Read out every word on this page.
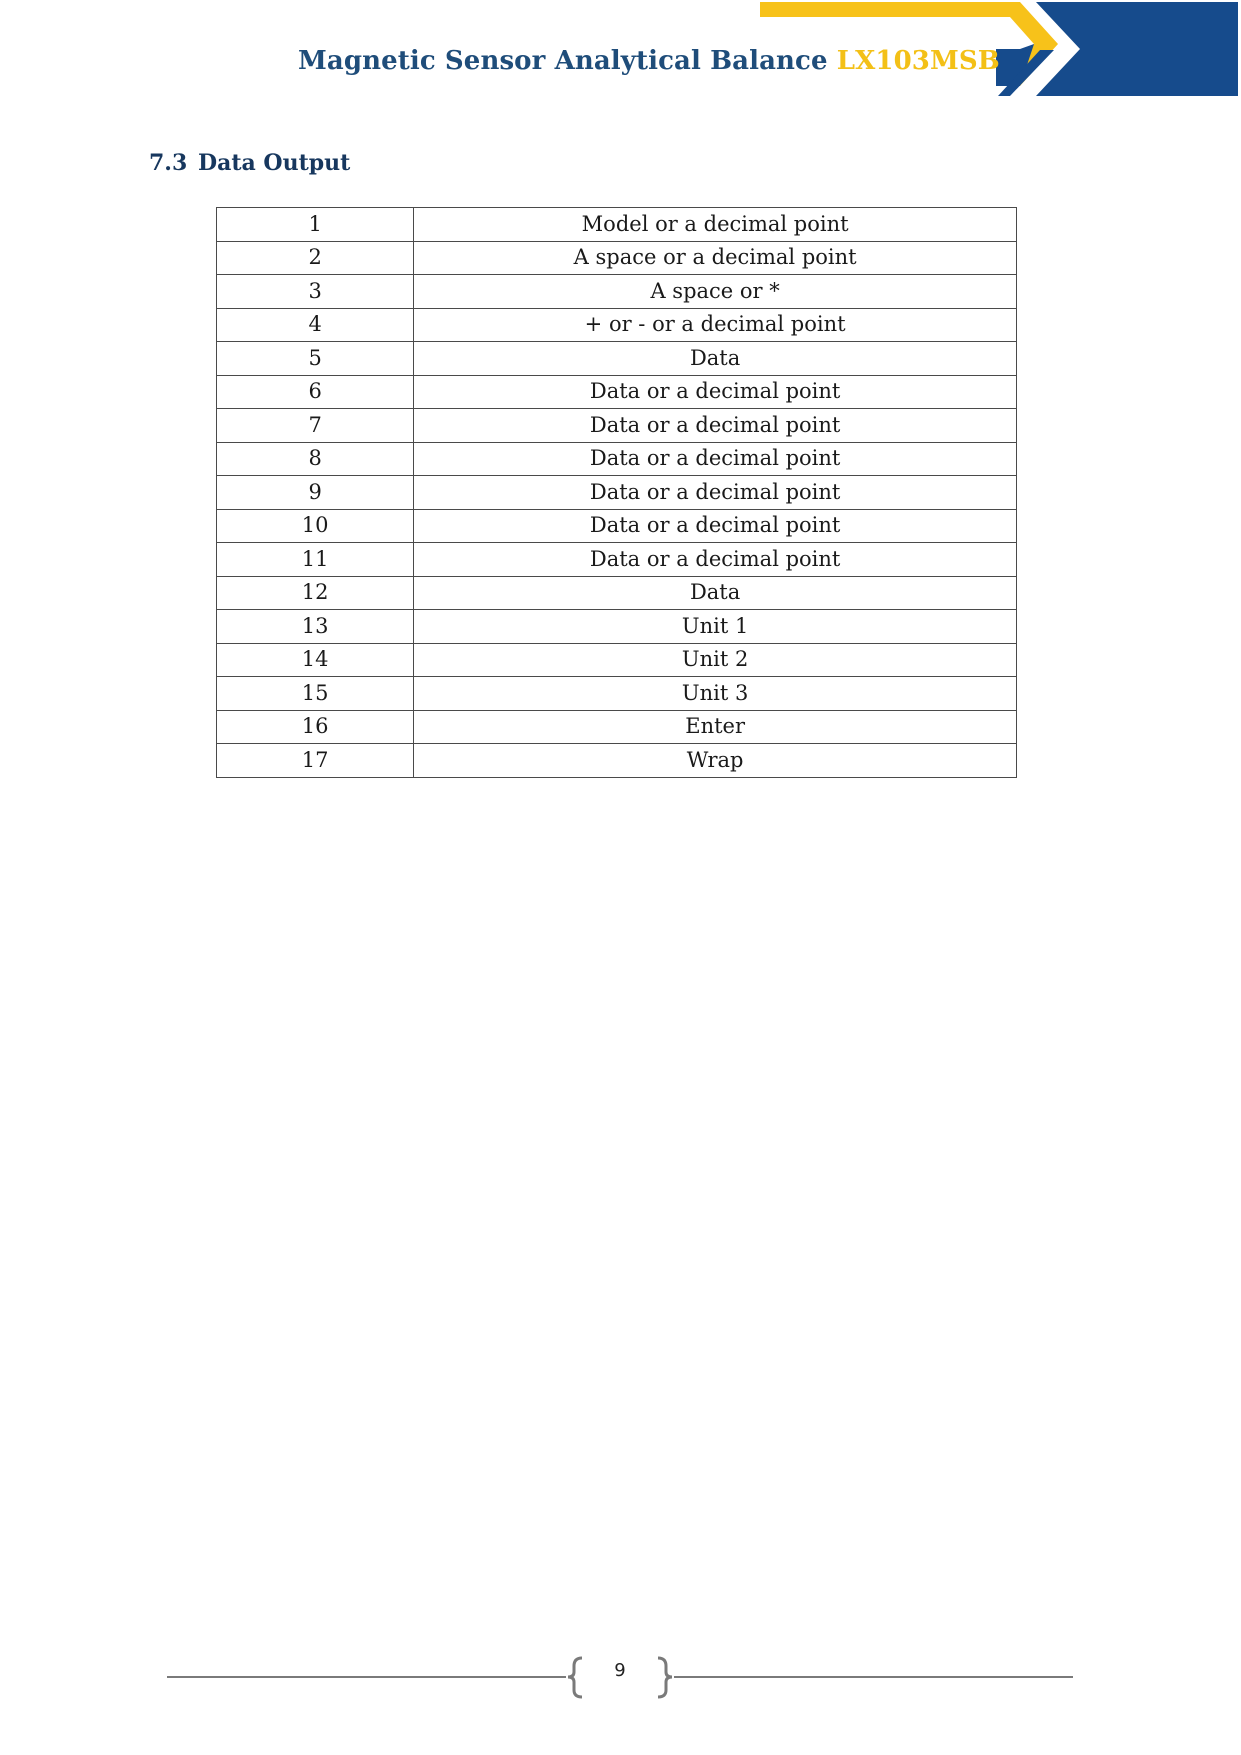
Magnetic Sensor Analytical Balance LX103MSB
7.3 Data Output
1	Model or a decimal point
2	A space or a decimal point
3	A space or *
4	+ or - or a decimal point
5	Data
6	Data or a decimal point
7	Data or a decimal point
8	Data or a decimal point
9	Data or a decimal point
10	Data or a decimal point
11	Data or a decimal point
12	Data
13	Unit 1
14	Unit 2
15	Unit 3
16	Enter
17	Wrap
9
